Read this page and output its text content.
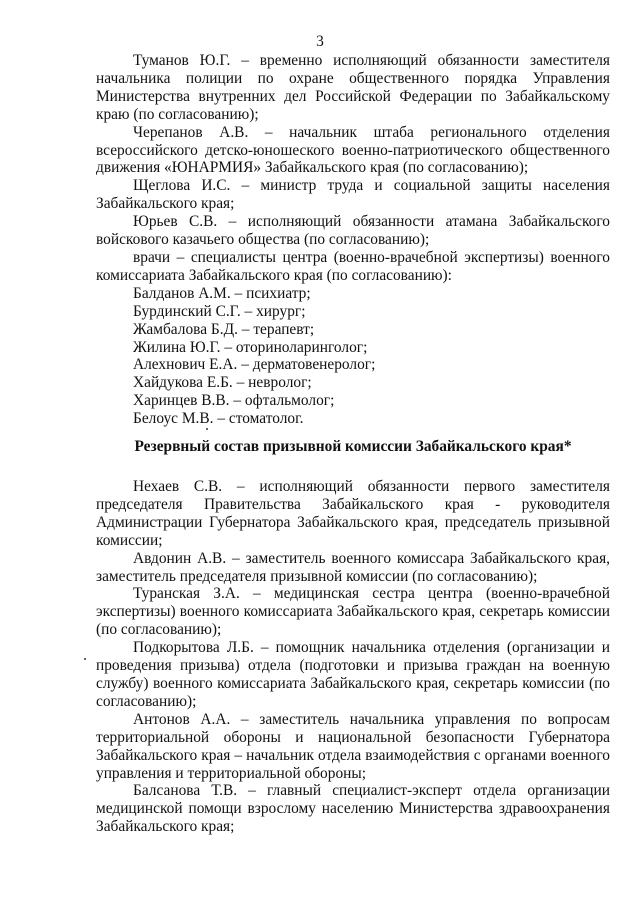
3

Туманов Ю.Г. – временно исполняющий обязанности заместителя начальника полиции по охране общественного порядка Управления Министерства внутренних дел Российской Федерации по Забайкальскому краю (по согласованию);

Черепанов А.В. – начальник штаба регионального отделения всероссийского детско-юношеского военно-патриотического общественного движения «ЮНАРМИЯ» Забайкальского края (по согласованию);

Щеглова И.С. – министр труда и социальной защиты населения Забайкальского края;

Юрьев С.В. – исполняющий обязанности атамана Забайкальского войскового казачьего общества (по согласованию);

врачи – специалисты центра (военно-врачебной экспертизы) военного комиссариата Забайкальского края (по согласованию):

Балданов А.М. – психиатр;
Бурдинский С.Г. – хирург;
Жамбалова Б.Д. – терапевт;
Жилина Ю.Г. – оториноларинголог;
Алехнович Е.А. – дерматовенеролог;
Хайдукова Е.Б. – невролог;
Харинцев В.В. – офтальмолог;
Белоус М.В. – стоматолог.

Резервный состав призывной комиссии Забайкальского края*

Нехаев С.В. – исполняющий обязанности первого заместителя председателя Правительства Забайкальского края - руководителя Администрации Губернатора Забайкальского края, председатель призывной комиссии;

Авдонин А.В. – заместитель военного комиссара Забайкальского края, заместитель председателя призывной комиссии (по согласованию);

Туранская З.А. – медицинская сестра центра (военно-врачебной экспертизы) военного комиссариата Забайкальского края, секретарь комиссии (по согласованию);

Подкорытова Л.Б. – помощник начальника отделения (организации и проведения призыва) отдела (подготовки и призыва граждан на военную службу) военного комиссариата Забайкальского края, секретарь комиссии (по согласованию);

Антонов А.А. – заместитель начальника управления по вопросам территориальной обороны и национальной безопасности Губернатора Забайкальского края – начальник отдела взаимодействия с органами военного управления и территориальной обороны;

Балсанова Т.В. – главный специалист-эксперт отдела организации медицинской помощи взрослому населению Министерства здравоохранения Забайкальского края;
